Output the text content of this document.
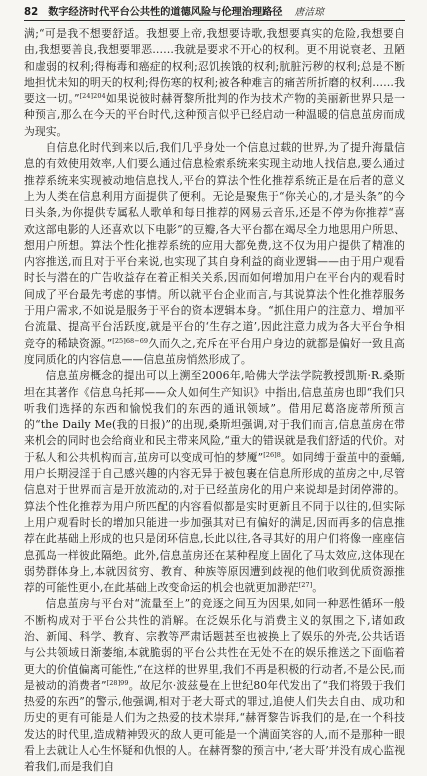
82 数字经济时代平台公共性的道德风险与伦理治理路径 唐洁琼

满;“可是我不想要舒适。我想要上帝,我想要诗歌,我想要真实的危险,我想要自由,我想要善良,我想要罪恶……我就是要求不开心的权利。更不用说衰老、丑陋和虚弱的权利;得梅毒和癌症的权利;忍饥挨饿的权利;肮脏污秽的权利;总是不断地担忧未知的明天的权利;得伤寒的权利;被各种难言的痛苦所折磨的权利……我要这一切。”$^{[24]204}$如果说彼时赫胥黎所批判的作为技术产物的美丽新世界只是一种预言,那么在今天的平台时代,这种预言似乎已经启动一种温暖的信息茧房而成为现实。

自信息化时代到来以后,我们几乎身处一个信息过载的世界,为了提升海量信息的有效使用效率,人们要么通过信息检索系统来实现主动地人找信息,要么通过推荐系统来实现被动地信息找人,平台的算法个性化推荐系统正是在后者的意义上为人类在信息利用方面提供了便利。无论是聚焦于“你关心的,才是头条”的今日头条,为你提供专属私人歌单和每日推荐的网易云音乐,还是不停为你推荐“喜欢这部电影的人还喜欢以下电影”的豆瓣,各大平台都在竭尽全力地思用户所思、想用户所想。算法个性化推荐系统的应用大都免费,这不仅为用户提供了精准的内容推送,而且对于平台来说,也实现了其自身利益的商业逻辑——由于用户观看时长与潜在的广告收益存在着正相关关系,因而如何增加用户在平台内的观看时间成了平台最先考虑的事情。所以就平台企业而言,与其说算法个性化推荐服务于用户需求,不如说是服务于平台的资本逻辑本身。“抓住用户的注意力、增加平台流量、提高平台活跃度,就是平台的‘生存之道’,因此注意力成为各大平台争相竞夺的稀缺资源。”$^{[25]68-69}$久而久之,充斥在平台用户身边的就都是偏好一致且高度同质化的内容信息——信息茧房悄然形成了。

信息茧房概念的提出可以上溯至2006年,哈佛大学法学院教授凯斯·R.桑斯坦在其著作《信息乌托邦——众人如何生产知识》中指出,信息茧房也即“我们只听我们选择的东西和愉悦我们的东西的通讯领域”。借用尼葛洛庞蒂所预言的“the Daily Me(我的日报)”的出现,桑斯坦强调,对于我们而言,信息茧房在带来机会的同时也会给商业和民主带来风险,“重大的错误就是我们舒适的代价。对于私人和公共机构而言,茧房可以变成可怕的梦魇”$^{[26]8}$。如同缚于蚕茧中的蚕蛹,用户长期浸淫于自己感兴趣的内容无异于被包裹在信息所形成的茧房之中,尽管信息对于世界而言是开放流动的,对于已经茧房化的用户来说却是封闭停滞的。算法个性化推荐为用户所匹配的内容看似都是实时更新且不同于以往的,但实际上用户观看时长的增加只能进一步加强其对已有偏好的满足,因而再多的信息推荐在此基础上形成的也只是闭环信息,长此以往,各寻其好的用户们将像一座座信息孤岛一样彼此隔绝。此外,信息茧房还在某种程度上固化了马太效应,这体现在弱势群体身上,本就因贫穷、教育、种族等原因遭到歧视的他们收到优质资源推荐的可能性更小,在此基础上改变命运的机会也就更加渺茫[27]。

信息茧房与平台对“流量至上”的竞逐之间互为因果,如同一种恶性循环一般不断构成对于平台公共性的消解。在泛娱乐化与消费主义的氛围之下,诸如政治、新闻、科学、教育、宗教等严肃话题甚至也被换上了娱乐的外壳,公共话语与公共领域日渐萎缩,本就脆弱的平台公共性在无处不在的娱乐推送之下面临着更大的价值偏离可能性,“在这样的世界里,我们不再是积极的行动者,不是公民,而是被动的消费者”$^{[28]99}$。故尼尔·波兹曼在上世纪80年代发出了“我们将毁于我们热爱的东西”的警示,他强调,相对于老大哥式的罪过,追使人们失去自由、成功和历史的更有可能是人们为之热爱的技术崇拜,“赫胥黎告诉我们的是,在一个科技发达的时代里,造成精神毁灭的敌人更可能是一个满面笑容的人,而不是那种一眼看上去就让人心生怀疑和仇恨的人。在赫胥黎的预言中,‘老大哥’并没有成心监视着我们,而是我们自
